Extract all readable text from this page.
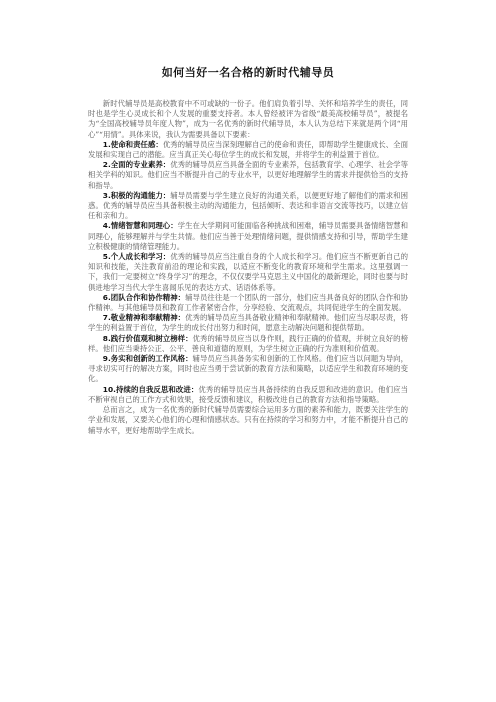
如何当好一名合格的新时代辅导员

新时代辅导员是高校教育中不可或缺的一份子。他们肩负着引导、关怀和培养学生的责任，同时也是学生心灵成长和个人发展的重要支持者。本人曾经被评为省级“最美高校辅导员”，被提名为“全国高校辅导员年度人物”，成为一名优秀的新时代辅导员，本人认为总结下来就是两个词“用心”“用情”。具体来说，我认为需要具备以下要素：

1.使命和责任感：优秀的辅导员应当深刻理解自己的使命和责任，即帮助学生健康成长、全面发展和实现自己的潜能。应当真正关心每位学生的成长和发展，并将学生的利益置于首位。

2.全面的专业素养：优秀的辅导员应当具备全面的专业素养，包括教育学、心理学、社会学等相关学科的知识。他们应当不断提升自己的专业水平，以更好地理解学生的需求并提供恰当的支持和指导。

3.积极的沟通能力：辅导员需要与学生建立良好的沟通关系，以便更好地了解他们的需求和困惑。优秀的辅导员应当具备积极主动的沟通能力，包括倾听、表达和非语言交流等技巧，以建立信任和亲和力。

4.情绪智慧和同理心：学生在大学期间可能面临各种挑战和困难，辅导员需要具备情绪智慧和同理心，能够理解并与学生共情。他们应当善于处理情绪问题，提供情感支持和引导，帮助学生建立积极健康的情绪管理能力。

5.个人成长和学习：优秀的辅导员应当注重自身的个人成长和学习。他们应当不断更新自己的知识和技能，关注教育前沿的理论和实践，以适应不断变化的教育环境和学生需求。这里强调一下，我们一定要树立“终身学习”的理念，不仅仅要学马克思主义中国化的最新理论，同时也要与时俱进地学习当代大学生喜闻乐见的表达方式、话语体系等。

6.团队合作和协作精神：辅导员往往是一个团队的一部分，他们应当具备良好的团队合作和协作精神。与其他辅导员和教育工作者紧密合作，分享经验、交流观点，共同促进学生的全面发展。

7.敬业精神和奉献精神：优秀的辅导员应当具备敬业精神和奉献精神。他们应当尽职尽责，将学生的利益置于首位，为学生的成长付出努力和时间，愿意主动解决问题和提供帮助。

8.践行价值观和树立榜样：优秀的辅导员应当以身作则，践行正确的价值观，并树立良好的榜样。他们应当秉持公正、公平、善良和道德的原则，为学生树立正确的行为准则和价值观。

9.务实和创新的工作风格：辅导员应当具备务实和创新的工作风格。他们应当以问题为导向，寻求切实可行的解决方案，同时也应当勇于尝试新的教育方法和策略，以适应学生和教育环境的变化。

10.持续的自我反思和改进：优秀的辅导员应当具备持续的自我反思和改进的意识。他们应当不断审视自己的工作方式和效果，接受反馈和建议，积极改进自己的教育方法和指导策略。

总而言之，成为一名优秀的新时代辅导员需要综合运用多方面的素养和能力，既要关注学生的学业和发展，又要关心他们的心理和情感状态。只有在持续的学习和努力中，才能不断提升自己的辅导水平，更好地帮助学生成长。
